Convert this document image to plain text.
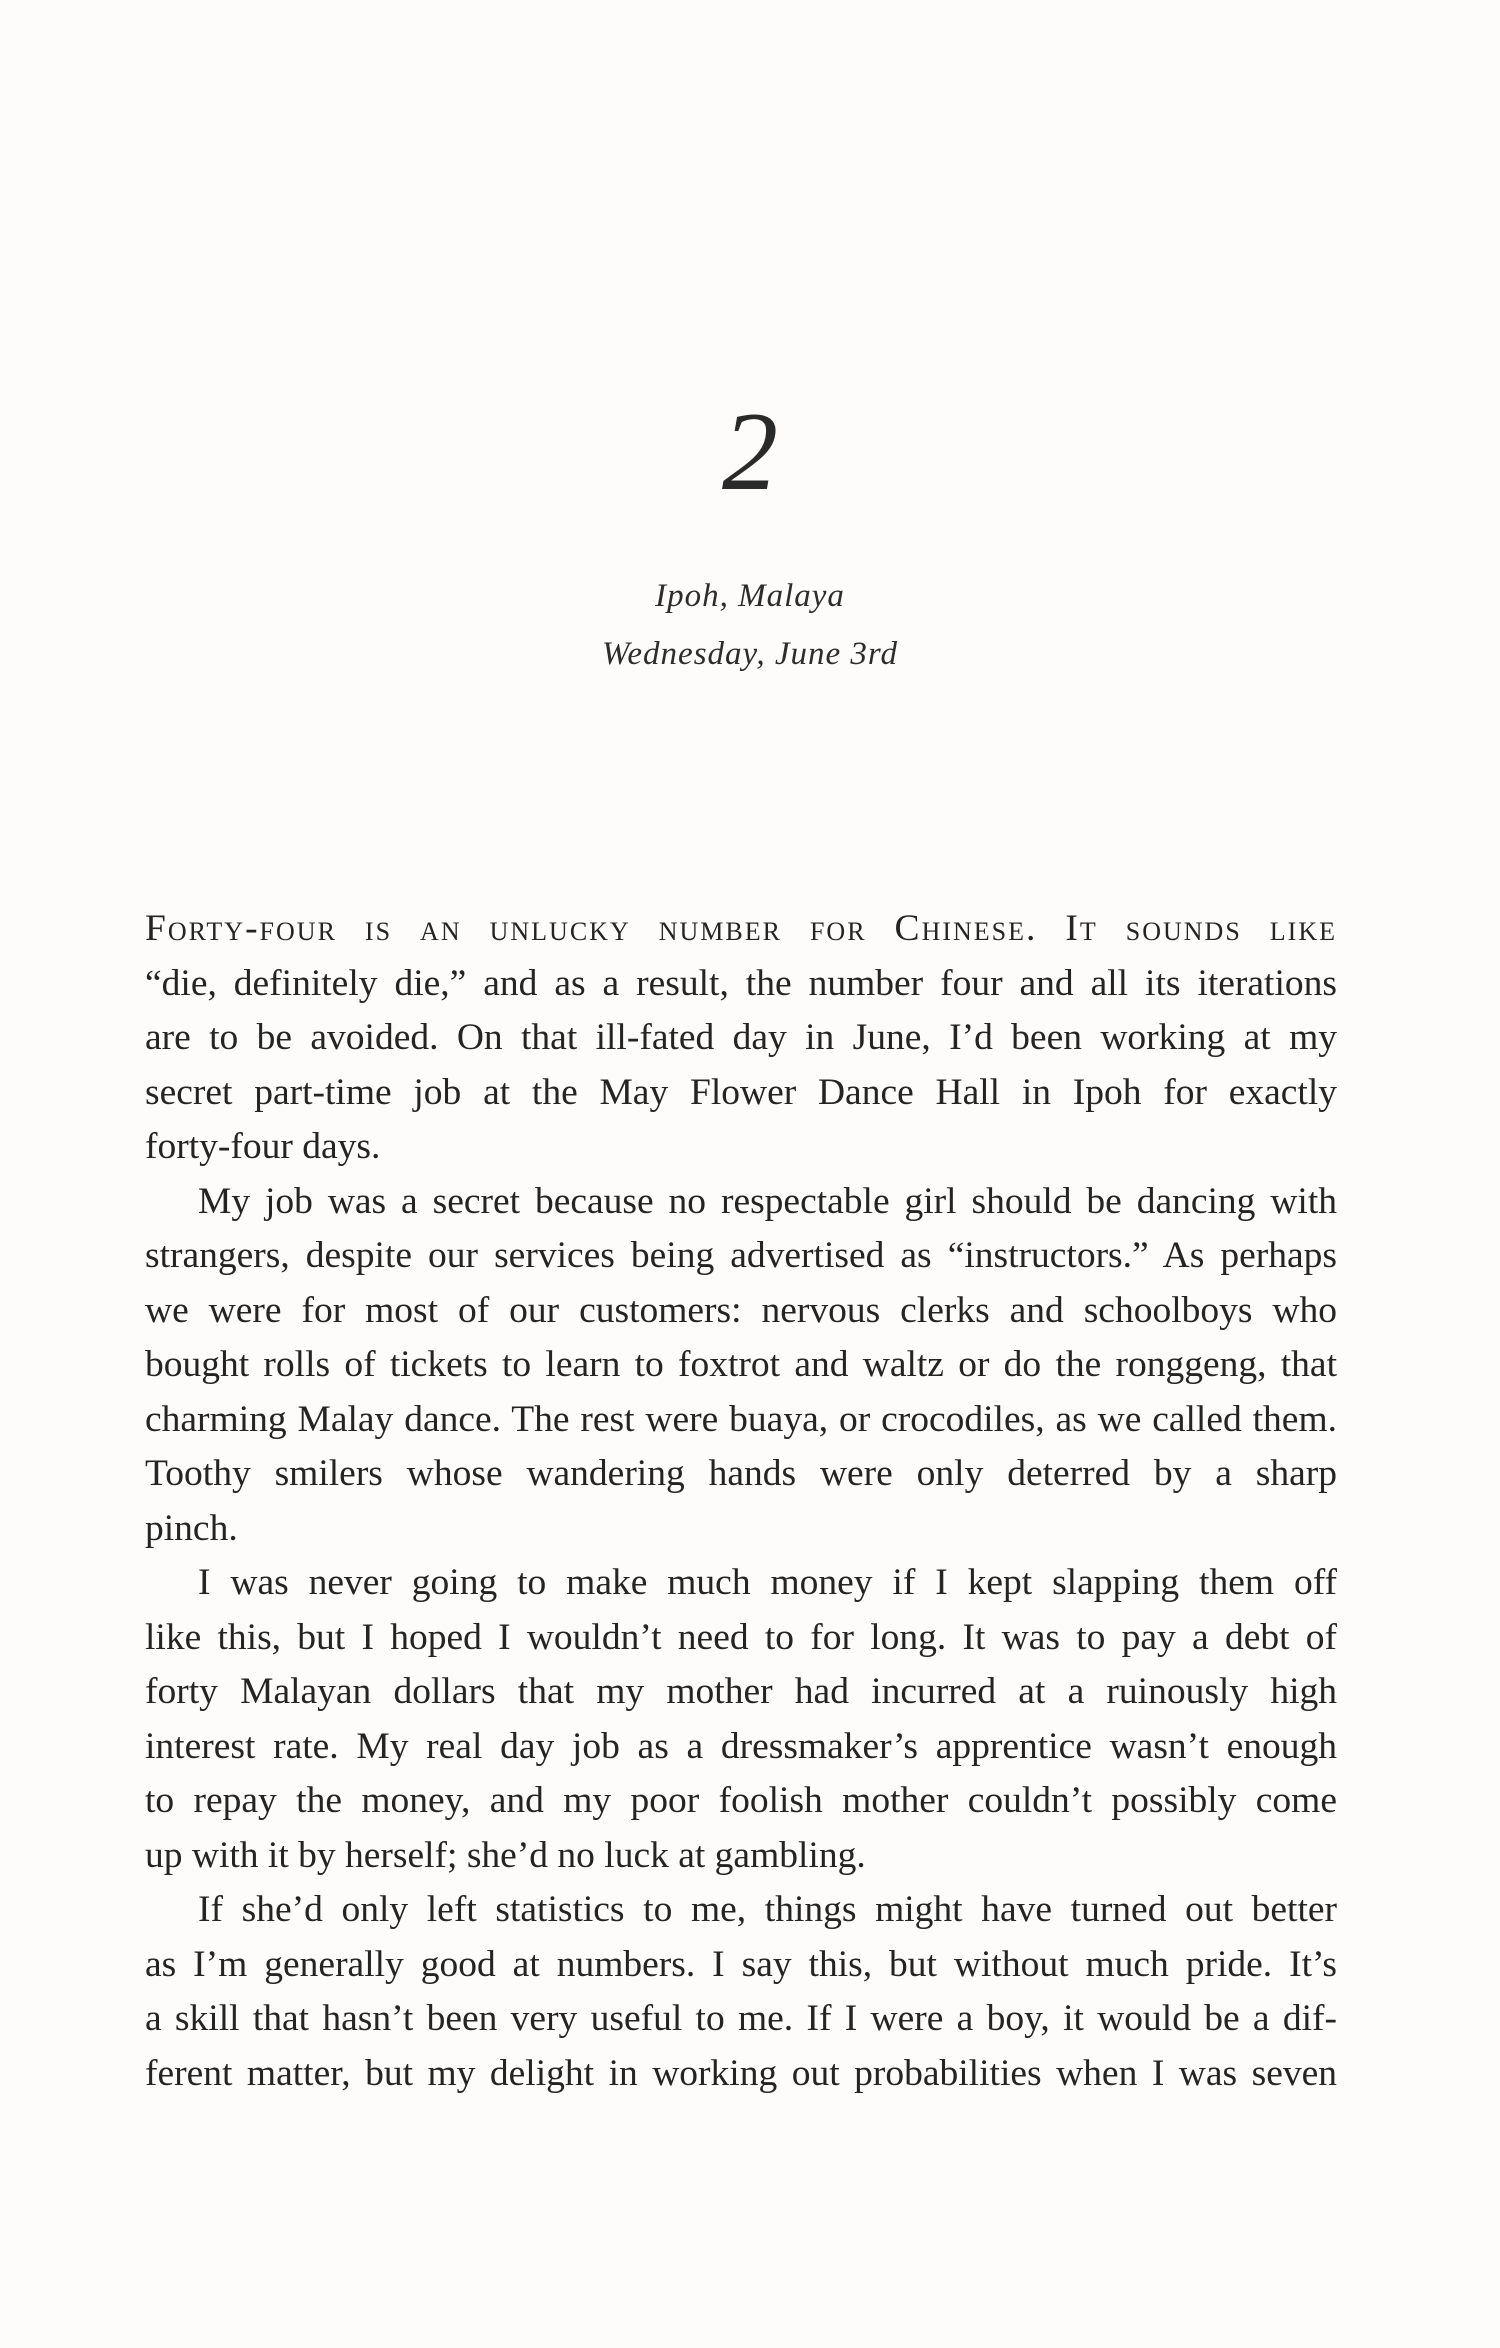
2
Ipoh, Malaya
Wednesday, June 3rd

Forty-four is an unlucky number for Chinese. It sounds like
“die, definitely die,” and as a result, the number four and all its iterations
are to be avoided. On that ill-fated day in June, I’d been working at my
secret part-time job at the May Flower Dance Hall in Ipoh for exactly
forty-four days.

My job was a secret because no respectable girl should be dancing with
strangers, despite our services being advertised as “instructors.” As perhaps
we were for most of our customers: nervous clerks and schoolboys who
bought rolls of tickets to learn to foxtrot and waltz or do the ronggeng, that
charming Malay dance. The rest were buaya, or crocodiles, as we called them.
Toothy smilers whose wandering hands were only deterred by a sharp
pinch.

I was never going to make much money if I kept slapping them off
like this, but I hoped I wouldn’t need to for long. It was to pay a debt of
forty Malayan dollars that my mother had incurred at a ruinously high
interest rate. My real day job as a dressmaker’s apprentice wasn’t enough
to repay the money, and my poor foolish mother couldn’t possibly come
up with it by herself; she’d no luck at gambling.

If she’d only left statistics to me, things might have turned out better
as I’m generally good at numbers. I say this, but without much pride. It’s
a skill that hasn’t been very useful to me. If I were a boy, it would be a dif-
ferent matter, but my delight in working out probabilities when I was seven
